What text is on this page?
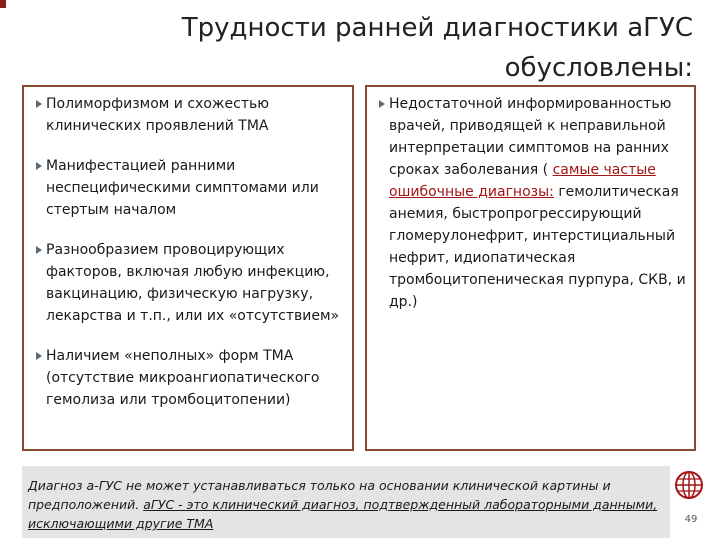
Трудности ранней диагностики аГУС
обусловлены:
Полиморфизмом и схожестью клинических проявлений ТМА
Манифестацией ранними неспецифическими симптомами или стертым началом
Разнообразием провоцирующих факторов, включая любую инфекцию, вакцинацию, физическую нагрузку, лекарства и т.п., или их «отсутствием»
Наличием «неполных» форм ТМА (отсутствие микроангиопатического гемолиза или тромбоцитопении)
Недостаточной информированностью врачей, приводящей к неправильной интерпретации симптомов на ранних сроках заболевания ( самые частые ошибочные диагнозы: гемолитическая анемия, быстропрогрессирующий гломерулонефрит, интерстициальный нефрит, идиопатическая тромбоцитопеническая пурпура, СКВ, и др.)
Диагноз а-ГУС не может устанавливаться только на основании клинической картины и предположений. аГУС - это клинический диагноз, подтвержденный лабораторными данными, исключающими другие ТМА	49
